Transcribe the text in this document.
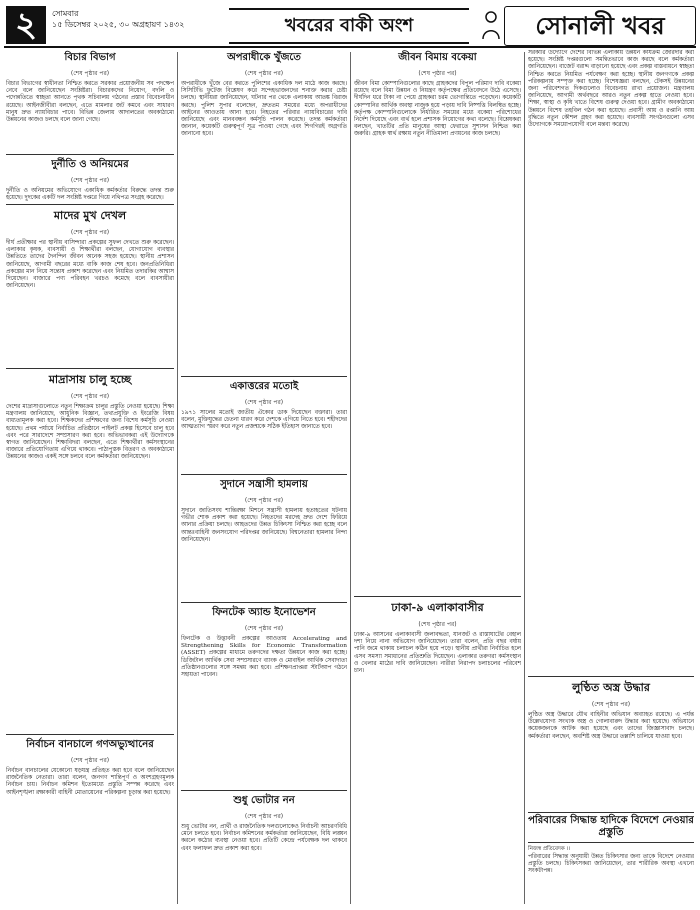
২	সোমবার
১৫ ডিসেম্বর ২০২৫, ৩০ অগ্রহায়ণ ১৪৩২	খবরের বাকী অংশ	সোনালী খবর

বিচার বিভাগ

(শেষ পৃষ্ঠার পর)

বিচার বিভাগের স্বাধীনতা নিশ্চিত করতে সরকার প্রয়োজনীয় সব পদক্ষেপ নেবে বলে জানিয়েছেন সংশ্লিষ্টরা। বিচারকদের নিয়োগ, বদলি ও পদোন্নতিতে স্বচ্ছতা আনতে পৃথক সচিবালয় গঠনের প্রস্তাব বিবেচনাধীন রয়েছে। আইনজীবীরা বলছেন, এতে মামলার জট কমবে এবং সাধারণ মানুষ দ্রুত ন্যায়বিচার পাবে। বিভিন্ন জেলায় আদালতের অবকাঠামো উন্নয়নের কাজও চলছে বলে জানা গেছে।

দুর্নীতি ও অনিয়মের

(শেষ পৃষ্ঠার পর)

দুর্নীতি ও অনিয়মের অভিযোগে একাধিক কর্মকর্তার বিরুদ্ধে তদন্ত শুরু হয়েছে। দুদকের একটি দল সংশ্লিষ্ট দপ্তরে গিয়ে নথিপত্র সংগ্রহ করেছে।

মাদের মুখ দেখল

(শেষ পৃষ্ঠার পর)

দীর্ঘ প্রতীক্ষার পর স্থানীয় বাসিন্দারা প্রকল্পের সুফল দেখতে শুরু করেছেন। এলাকার কৃষক, ব্যবসায়ী ও শিক্ষার্থীরা বলছেন, যোগাযোগ ব্যবস্থার উন্নতিতে তাদের দৈনন্দিন জীবন অনেক সহজ হয়েছে। স্থানীয় প্রশাসন জানিয়েছে, আগামী বছরের মধ্যে বাকি কাজ শেষ হবে। জনপ্রতিনিধিরা প্রকল্পের মান নিয়ে সন্তোষ প্রকাশ করেছেন এবং নিয়মিত তদারকির আশ্বাস দিয়েছেন। বাজারে পণ্য পরিবহন খরচও কমেছে বলে ব্যবসায়ীরা জানিয়েছেন।

মাদ্রাসায় চালু হচ্ছে

(শেষ পৃষ্ঠার পর)

দেশের মাদ্রাসাগুলোতে নতুন শিক্ষাক্রম চালুর প্রস্তুতি নেওয়া হয়েছে। শিক্ষা মন্ত্রণালয় জানিয়েছে, আধুনিক বিজ্ঞান, তথ্যপ্রযুক্তি ও ইংরেজি বিষয় বাধ্যতামূলক করা হবে। শিক্ষকদের প্রশিক্ষণের জন্য বিশেষ কর্মসূচি নেওয়া হয়েছে। প্রথম পর্যায়ে নির্বাচিত প্রতিষ্ঠানে পাইলট প্রকল্প হিসেবে চালু হবে এবং পরে সারাদেশে সম্প্রসারণ করা হবে। অভিভাবকরা এই উদ্যোগকে স্বাগত জানিয়েছেন। শিক্ষাবিদরা বলছেন, এতে শিক্ষার্থীরা কর্মসংস্থানের বাজারে প্রতিযোগিতায় এগিয়ে থাকবে। পাঠ্যপুস্তক বিতরণ ও অবকাঠামো উন্নয়নের কাজও একই সঙ্গে চলবে বলে কর্মকর্তারা জানিয়েছেন।

নির্বাচন বানচালে গণঅভ্যুত্থানের

(শেষ পৃষ্ঠার পর)

নির্বাচন বানচালের যেকোনো ষড়যন্ত্র প্রতিহত করা হবে বলে জানিয়েছেন রাজনৈতিক নেতারা। তারা বলেন, জনগণ শান্তিপূর্ণ ও অংশগ্রহণমূলক নির্বাচন চায়। নির্বাচন কমিশন ইতোমধ্যে প্রস্তুতি সম্পন্ন করেছে এবং আইনশৃঙ্খলা রক্ষাকারী বাহিনী মোতায়েনের পরিকল্পনা চূড়ান্ত করা হয়েছে।

অপরাধীকে খুঁজতে

(শেষ পৃষ্ঠার পর)

অপরাধীকে খুঁজে বের করতে পুলিশের একাধিক দল মাঠে কাজ করছে। সিসিটিভি ফুটেজ বিশ্লেষণ করে সন্দেহভাজনদের শনাক্ত করার চেষ্টা চলছে। স্থানীয়রা জানিয়েছেন, ঘটনার পর থেকে এলাকায় আতঙ্ক বিরাজ করছে। পুলিশ সুপার বলেছেন, দ্রুততম সময়ের মধ্যে অপরাধীদের আইনের আওতায় আনা হবে। নিহতের পরিবার ন্যায়বিচারের দাবি জানিয়েছে এবং মানববন্ধন কর্মসূচি পালন করেছে। তদন্ত কর্মকর্তারা জানান, কয়েকটি গুরুত্বপূর্ণ সূত্র পাওয়া গেছে এবং শিগগিরই অগ্রগতি জানানো হবে।

একাত্তরের মতোই

(শেষ পৃষ্ঠার পর)

১৯৭১ সালের মতোই জাতীয় ঐক্যের ডাক দিয়েছেন বক্তারা। তারা বলেন, মুক্তিযুদ্ধের চেতনা ধারণ করে দেশকে এগিয়ে নিতে হবে। শহীদদের আত্মত্যাগ স্মরণ করে নতুন প্রজন্মকে সঠিক ইতিহাস জানাতে হবে।

সুদানে সন্ত্রাসী হামলায়

(শেষ পৃষ্ঠার পর)

সুদানে জাতিসংঘ শান্তিরক্ষা মিশনে সন্ত্রাসী হামলায় হতাহতের ঘটনায় গভীর শোক প্রকাশ করা হয়েছে। নিহতদের মরদেহ দ্রুত দেশে ফিরিয়ে আনার প্রক্রিয়া চলছে। আহতদের উন্নত চিকিৎসা নিশ্চিত করা হচ্ছে বলে আন্তঃবাহিনী জনসংযোগ পরিদপ্তর জানিয়েছে। বিশ্বনেতারা হামলার নিন্দা জানিয়েছেন।

ফিনটেক অ্যান্ড ইনোভেশন

(শেষ পৃষ্ঠার পর)

ফিনটেক ও উদ্ভাবনী প্রকল্পের আওতায় Accelerating and Strengthening Skills for Economic Transformation (ASSET) প্রকল্পের মাধ্যমে তরুণদের দক্ষতা উন্নয়নে কাজ করা হচ্ছে। ডিজিটাল আর্থিক সেবা সম্প্রসারণে ব্যাংক ও মোবাইল আর্থিক সেবাদাতা প্রতিষ্ঠানগুলোর সঙ্গে সমন্বয় করা হবে। প্রশিক্ষণপ্রাপ্তরা স্টার্টআপ গঠনে সহায়তা পাবেন।

শুধু ভোটার নন

(শেষ পৃষ্ঠার পর)

শুধু ভোটার নন, প্রার্থী ও রাজনৈতিক দলগুলোকেও নির্বাচনী আচরণবিধি মেনে চলতে হবে। নির্বাচন কমিশনের কর্মকর্তারা জানিয়েছেন, বিধি লঙ্ঘন করলে কঠোর ব্যবস্থা নেওয়া হবে। প্রতিটি কেন্দ্রে পর্যবেক্ষক দল থাকবে এবং ফলাফল দ্রুত প্রকাশ করা হবে।

জীবন বিমায় বকেয়া

(শেষ পৃষ্ঠার পর)

জীবন বিমা কোম্পানিগুলোর কাছে গ্রাহকদের বিপুল পরিমাণ দাবি বকেয়া রয়েছে বলে বিমা উন্নয়ন ও নিয়ন্ত্রণ কর্তৃপক্ষের প্রতিবেদনে উঠে এসেছে। দীর্ঘদিন ধরে টাকা না পেয়ে গ্রাহকরা চরম ভোগান্তিতে পড়েছেন। কয়েকটি কোম্পানির আর্থিক অবস্থা নাজুক হয়ে পড়ায় দাবি নিষ্পত্তি বিলম্বিত হচ্ছে। কর্তৃপক্ষ কোম্পানিগুলোকে নির্ধারিত সময়ের মধ্যে বকেয়া পরিশোধের নির্দেশ দিয়েছে এবং ব্যর্থ হলে প্রশাসক নিয়োগের কথা বলেছে। বিশ্লেষকরা বলছেন, খাতটির প্রতি মানুষের আস্থা ফেরাতে সুশাসন নিশ্চিত করা জরুরি। গ্রাহক স্বার্থ রক্ষায় নতুন নীতিমালা প্রণয়নের কাজ চলছে।

ঢাকা-৯ এলাকাবাসীর

(শেষ পৃষ্ঠার পর)

ঢাকা-৯ আসনের এলাকাবাসী জলাবদ্ধতা, যানজট ও রাস্তাঘাটের বেহাল দশা নিয়ে নানা অভিযোগ জানিয়েছেন। তারা বলেন, প্রতি বছর বর্ষায় পানি জমে থাকায় চলাচল কঠিন হয়ে পড়ে। স্থানীয় প্রার্থীরা নির্বাচিত হলে এসব সমস্যা সমাধানের প্রতিশ্রুতি দিয়েছেন। এলাকার তরুণরা কর্মসংস্থান ও খেলার মাঠের দাবি জানিয়েছেন। নারীরা নিরাপদ চলাচলের পরিবেশ চান।

সরকারি উদ্যোগে দেশের বিভিন্ন এলাকায় উন্নয়ন কার্যক্রম জোরদার করা হয়েছে। সংশ্লিষ্ট দপ্তরগুলো সমন্বিতভাবে কাজ করছে বলে কর্মকর্তারা জানিয়েছেন। বাজেট বরাদ্দ বাড়ানো হয়েছে এবং প্রকল্প বাস্তবায়নে স্বচ্ছতা নিশ্চিত করতে নিয়মিত পর্যবেক্ষণ করা হচ্ছে। স্থানীয় জনগণকে প্রকল্প পরিকল্পনায় সম্পৃক্ত করা হচ্ছে। বিশেষজ্ঞরা বলছেন, টেকসই উন্নয়নের জন্য পরিবেশগত দিকগুলোও বিবেচনায় রাখা প্রয়োজন। মন্ত্রণালয় জানিয়েছে, আগামী অর্থবছরে আরও নতুন প্রকল্প হাতে নেওয়া হবে। শিক্ষা, স্বাস্থ্য ও কৃষি খাতে বিশেষ গুরুত্ব দেওয়া হবে। গ্রামীণ অবকাঠামো উন্নয়নে বিশেষ তহবিল গঠন করা হয়েছে। প্রবাসী আয় ও রপ্তানি আয় বৃদ্ধিতে নতুন কৌশল গ্রহণ করা হয়েছে। ব্যবসায়ী সংগঠনগুলো এসব উদ্যোগকে সময়োপযোগী বলে মন্তব্য করেছে।

লুণ্ঠিত অস্ত্র উদ্ধার

(শেষ পৃষ্ঠার পর)

লুণ্ঠিত অস্ত্র উদ্ধারে যৌথ বাহিনীর অভিযান অব্যাহত রয়েছে। এ পর্যন্ত উল্লেখযোগ্য সংখ্যক অস্ত্র ও গোলাবারুদ উদ্ধার করা হয়েছে। অভিযানে কয়েকজনকে আটক করা হয়েছে এবং তাদের জিজ্ঞাসাবাদ চলছে। কর্মকর্তারা বলছেন, অবশিষ্ট অস্ত্র উদ্ধারে তল্লাশি চালিয়ে যাওয়া হবে।

পরিবারের সিদ্ধান্ত হাদিকে বিদেশে নেওয়ার প্রস্তুতি

নিজস্ব প্রতিবেদক ।।

পরিবারের সিদ্ধান্ত অনুযায়ী উন্নত চিকিৎসার জন্য তাকে বিদেশে নেওয়ার প্রস্তুতি চলছে। চিকিৎসকরা জানিয়েছেন, তার শারীরিক অবস্থা এখনো সংকটাপন্ন।
